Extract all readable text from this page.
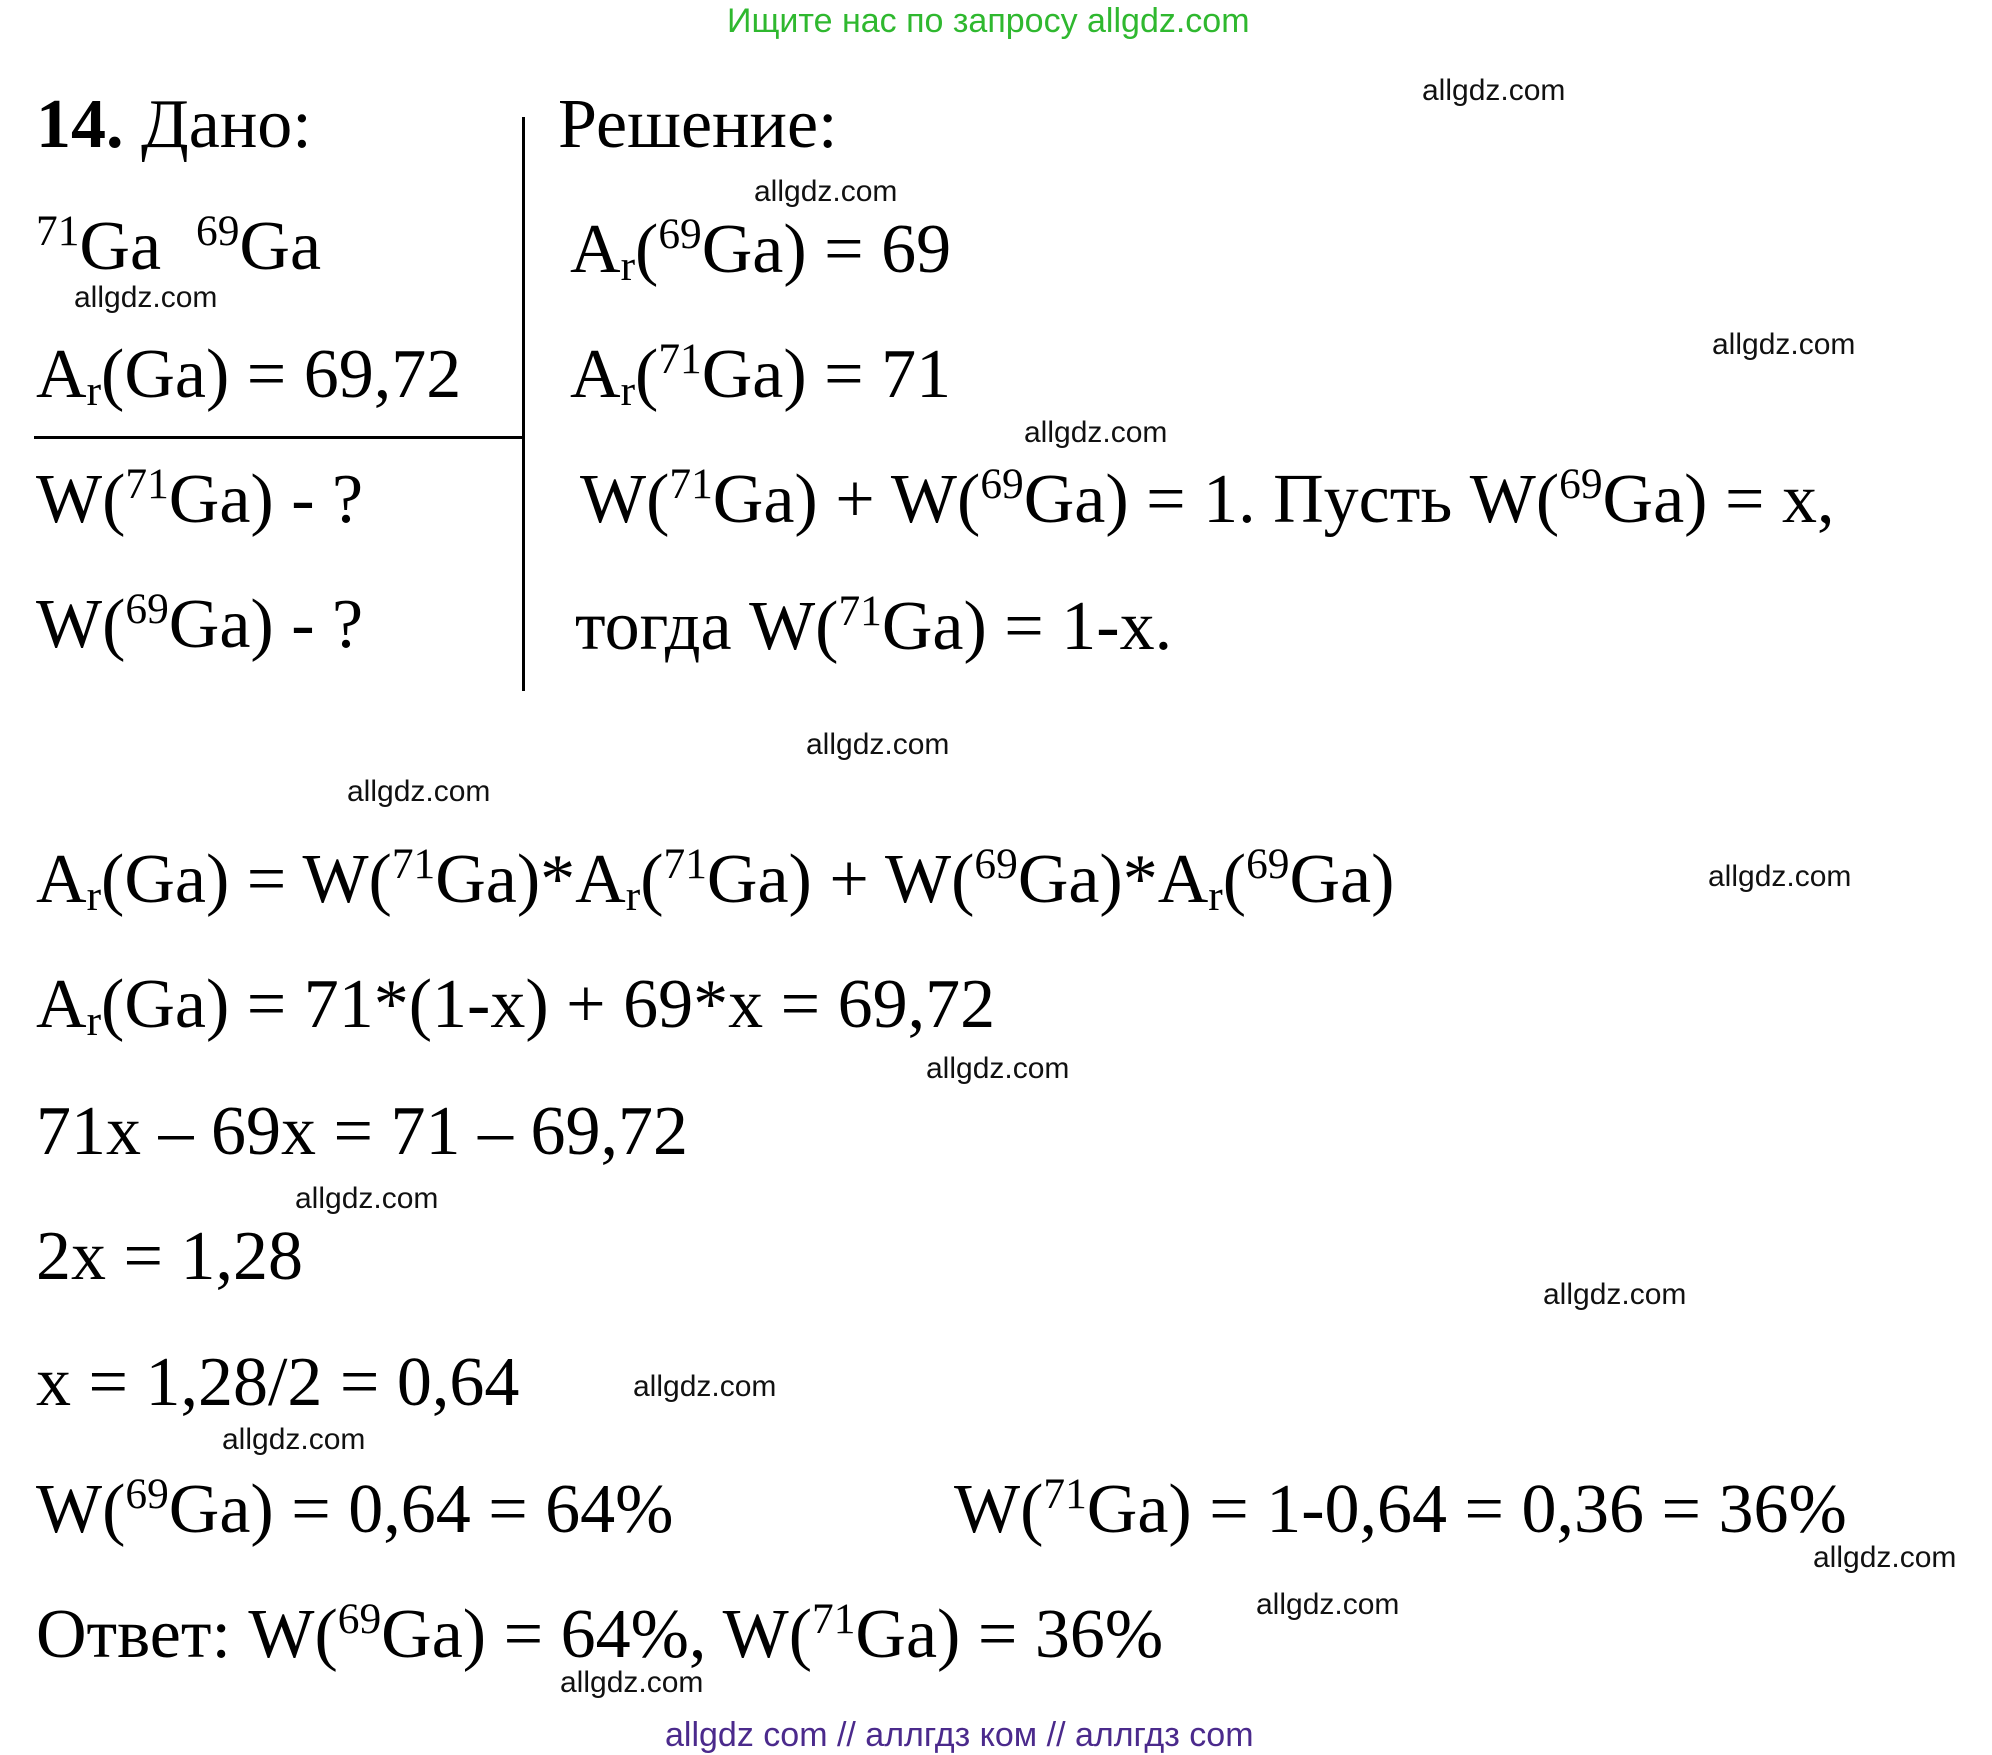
Ищите нас по запросу allgdz.com
14. Дано:	Решение:
$^{71}$Ga $^{69}$Ga
$A_r(Ga) = 69,72$
W($^{71}$Ga) - ?
W($^{69}$Ga) - ?
$A_r(^{69}Ga) = 69$
$A_r(^{71}Ga) = 71$
W($^{71}$Ga) + W($^{69}$Ga) = 1. Пусть W($^{69}$Ga) = x,
тогда W($^{71}$Ga) = 1-x.
$A_r(Ga) = W(^{71}Ga)*A_r(^{71}Ga) + W(^{69}Ga)*A_r(^{69}Ga)$
$A_r(Ga) = 71*(1-x) + 69*x = 69,72$
71x – 69x = 71 – 69,72
2x = 1,28
x = 1,28/2 = 0,64
W($^{69}$Ga) = 0,64 = 64%	W($^{71}$Ga) = 1-0,64 = 0,36 = 36%
Ответ: W($^{69}$Ga) = 64%, W($^{71}$Ga) = 36%
allgdz.com
allgdz.com
allgdz.com
allgdz.com
allgdz.com
allgdz.com
allgdz.com
allgdz.com
allgdz.com
allgdz.com
allgdz.com
allgdz.com
allgdz.com
allgdz.com
allgdz.com
allgdz.com
allgdz com // аллгдз ком // аллгдз com
